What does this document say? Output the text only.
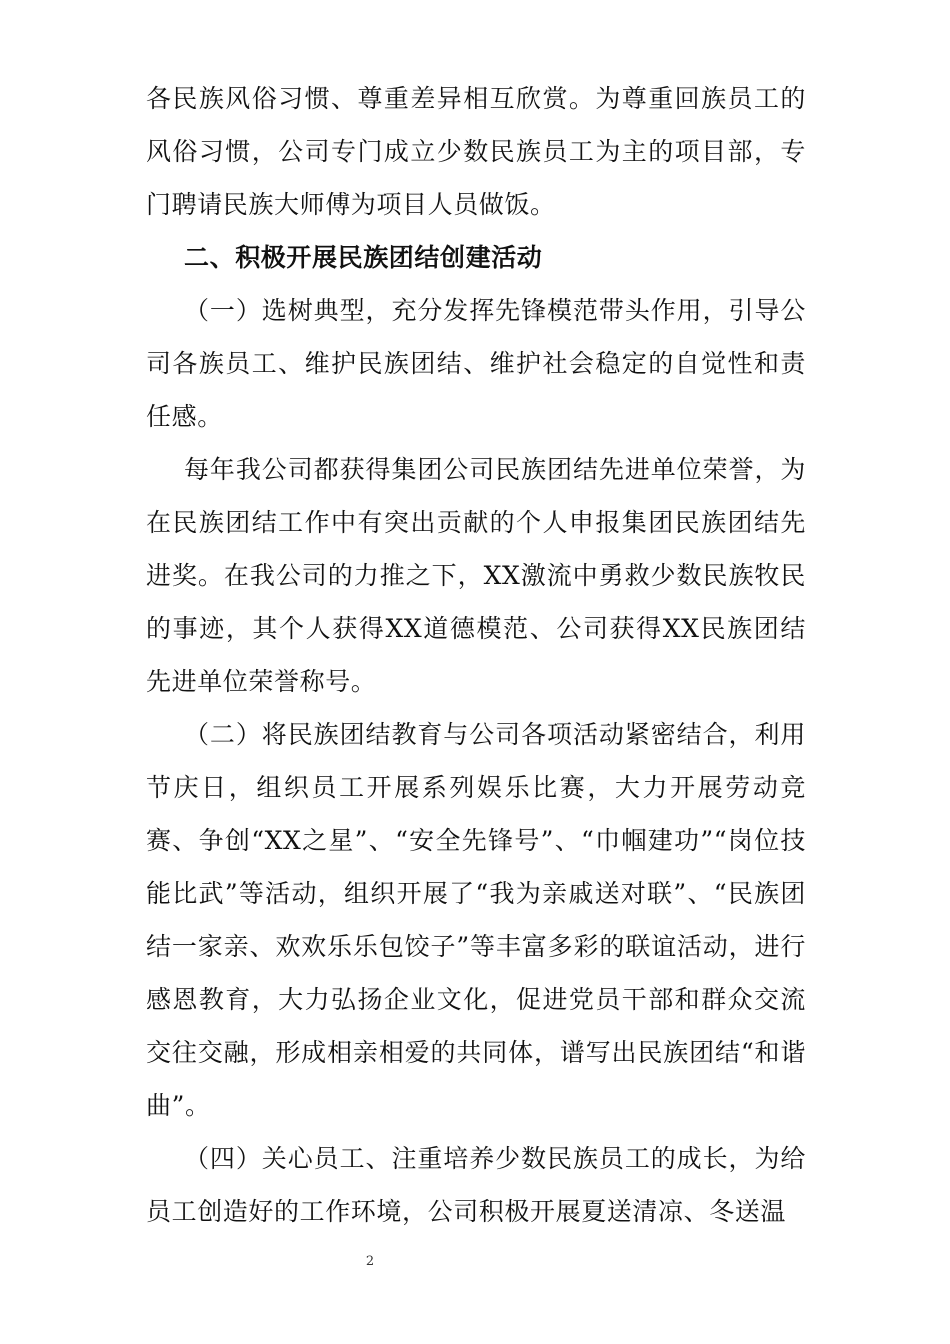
各民族风俗习惯、尊重差异相互欣赏。为尊重回族员工的风俗习惯，公司专门成立少数民族员工为主的项目部，专门聘请民族大师傅为项目人员做饭。

二、积极开展民族团结创建活动

（一）选树典型，充分发挥先锋模范带头作用，引导公司各族员工、维护民族团结、维护社会稳定的自觉性和责任感。

每年我公司都获得集团公司民族团结先进单位荣誉，为在民族团结工作中有突出贡献的个人申报集团民族团结先进奖。在我公司的力推之下，XX激流中勇救少数民族牧民的事迹，其个人获得XX道德模范、公司获得XX民族团结先进单位荣誉称号。

（二）将民族团结教育与公司各项活动紧密结合，利用节庆日，组织员工开展系列娱乐比赛，大力开展劳动竞赛、争创“XX之星”、“安全先锋号”、“巾帼建功”“岗位技能比武”等活动，组织开展了“我为亲戚送对联”、“民族团结一家亲、欢欢乐乐包饺子”等丰富多彩的联谊活动，进行感恩教育，大力弘扬企业文化，促进党员干部和群众交流交往交融，形成相亲相爱的共同体，谱写出民族团结“和谐曲”。

（四）关心员工、注重培养少数民族员工的成长，为给员工创造好的工作环境，公司积极开展夏送清凉、冬送温

2
